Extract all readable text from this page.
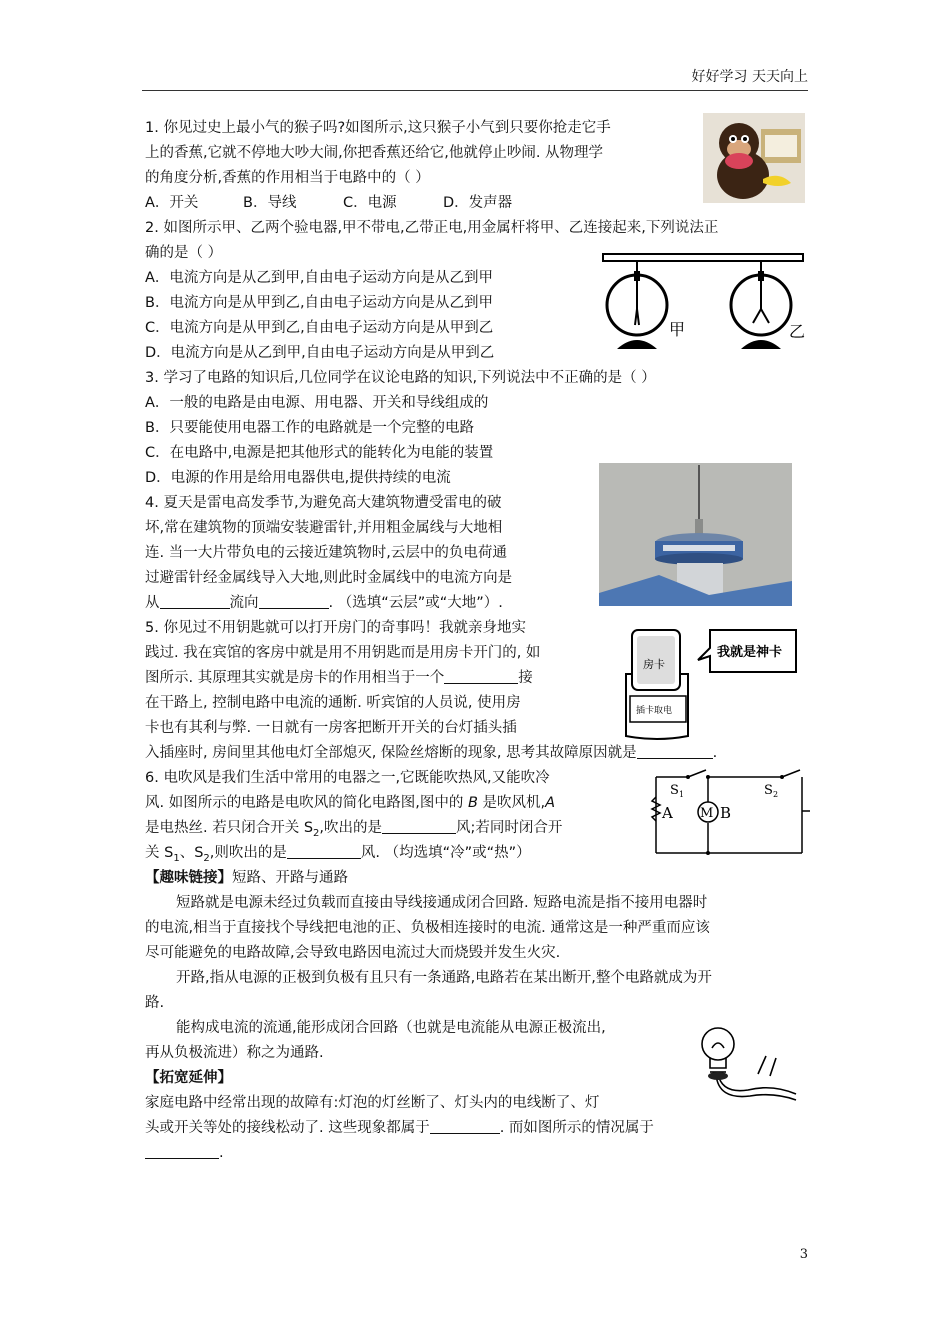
好好学习 天天向上
1. 你见过史上最小气的猴子吗?如图所示,这只猴子小气到只要你抢走它手
上的香蕉,它就不停地大吵大闹,你把香蕉还给它,他就停止吵闹. 从物理学
的角度分析,香蕉的作用相当于电路中的（ ）
A．开关	B．导线	C．电源	D．发声器
2. 如图所示甲、乙两个验电器,甲不带电,乙带正电,用金属杆将甲、乙连接起来,下列说法正
确的是（ ）
A．电流方向是从乙到甲,自由电子运动方向是从乙到甲
B．电流方向是从甲到乙,自由电子运动方向是从乙到甲
C．电流方向是从甲到乙,自由电子运动方向是从甲到乙
D．电流方向是从乙到甲,自由电子运动方向是从甲到乙
甲	乙
3. 学习了电路的知识后,几位同学在议论电路的知识,下列说法中不正确的是（ ）
A．一般的电路是由电源、用电器、开关和导线组成的
B．只要能使用电器工作的电路就是一个完整的电路
C．在电路中,电源是把其他形式的能转化为电能的装置
D．电源的作用是给用电器供电,提供持续的电流
4. 夏天是雷电高发季节,为避免高大建筑物遭受雷电的破
坏,常在建筑物的顶端安装避雷针,并用粗金属线与大地相
连. 当一大片带负电的云接近建筑物时,云层中的负电荷通
过避雷针经金属线导入大地,则此时金属线中的电流方向是
从	流向	. （选填“云层”或“大地”）.
5. 你见过不用钥匙就可以打开房门的奇事吗！我就亲身地实
践过. 我在宾馆的客房中就是用不用钥匙而是用房卡开门的, 如
图所示. 其原理其实就是房卡的作用相当于一个	接
在干路上, 控制电路中电流的通断. 听宾馆的人员说, 使用房
卡也有其利与弊. 一日就有一房客把断开开关的台灯插头插
入插座时, 房间里其他电灯全部熄灭, 保险丝熔断的现象, 思考其故障原因就是	.
房卡
插卡取电
我就是神卡
6. 电吹风是我们生活中常用的电器之一,它既能吹热风,又能吹冷
风. 如图所示的电路是电吹风的简化电路图,图中的 B 是吹风机,A
是电热丝. 若只闭合开关 $S_2$,吹出的是	风;若同时闭合开
关 $S_1$、$S_2$,则吹出的是	风. （均选填“冷”或“热”）
S 1	S 2
A M B
【趣味链接】短路、开路与通路
短路就是电源未经过负载而直接由导线接通成闭合回路. 短路电流是指不接用电器时
的电流,相当于直接找个导线把电池的正、负极相连接时的电流. 通常这是一种严重而应该
尽可能避免的电路故障,会导致电路因电流过大而烧毁并发生火灾.
开路,指从电源的正极到负极有且只有一条通路,电路若在某出断开,整个电路就成为开
路.
能构成电流的流通,能形成闭合回路（也就是电流能从电源正极流出,
再从负极流进）称之为通路.
【拓宽延伸】
家庭电路中经常出现的故障有:灯泡的灯丝断了、灯头内的电线断了、灯
头或开关等处的接线松动了. 这些现象都属于	. 而如图所示的情况属于
.
3
